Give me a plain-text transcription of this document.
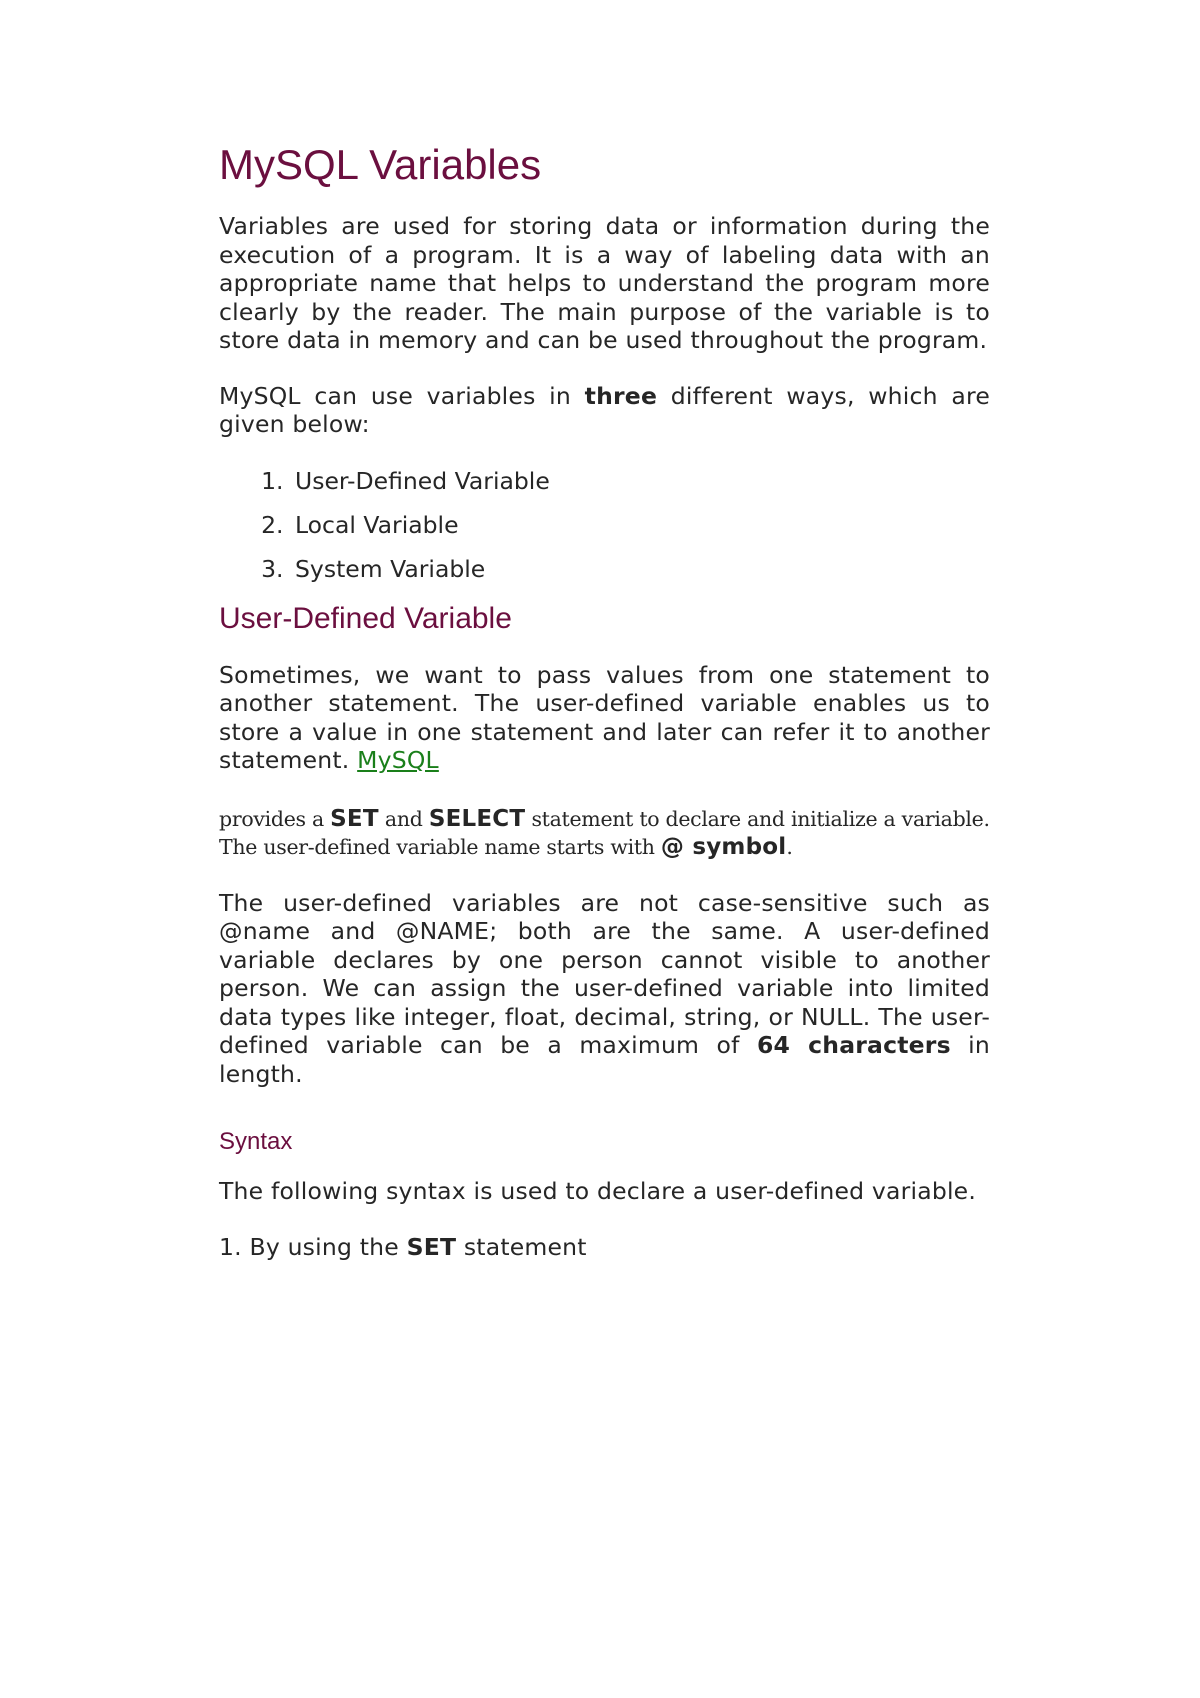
MySQL Variables

Variables are used for storing data or information during the execution of a program. It is a way of labeling data with an appropriate name that helps to understand the program more clearly by the reader. The main purpose of the variable is to store data in memory and can be used throughout the program.

MySQL can use variables in three different ways, which are given below:

1. User-Defined Variable
2. Local Variable
3. System Variable
User-Defined Variable

Sometimes, we want to pass values from one statement to another statement. The user-defined variable enables us to store a value in one statement and later can refer it to another statement. MySQL

provides a SET and SELECT statement to declare and initialize a variable. The user-defined variable name starts with @ symbol.

The user-defined variables are not case-sensitive such as @name and @NAME; both are the same. A user-defined variable declares by one person cannot visible to another person. We can assign the user-defined variable into limited data types like integer, float, decimal, string, or NULL. The user-defined variable can be a maximum of 64 characters in length.

Syntax

The following syntax is used to declare a user-defined variable.

1. By using the SET statement
